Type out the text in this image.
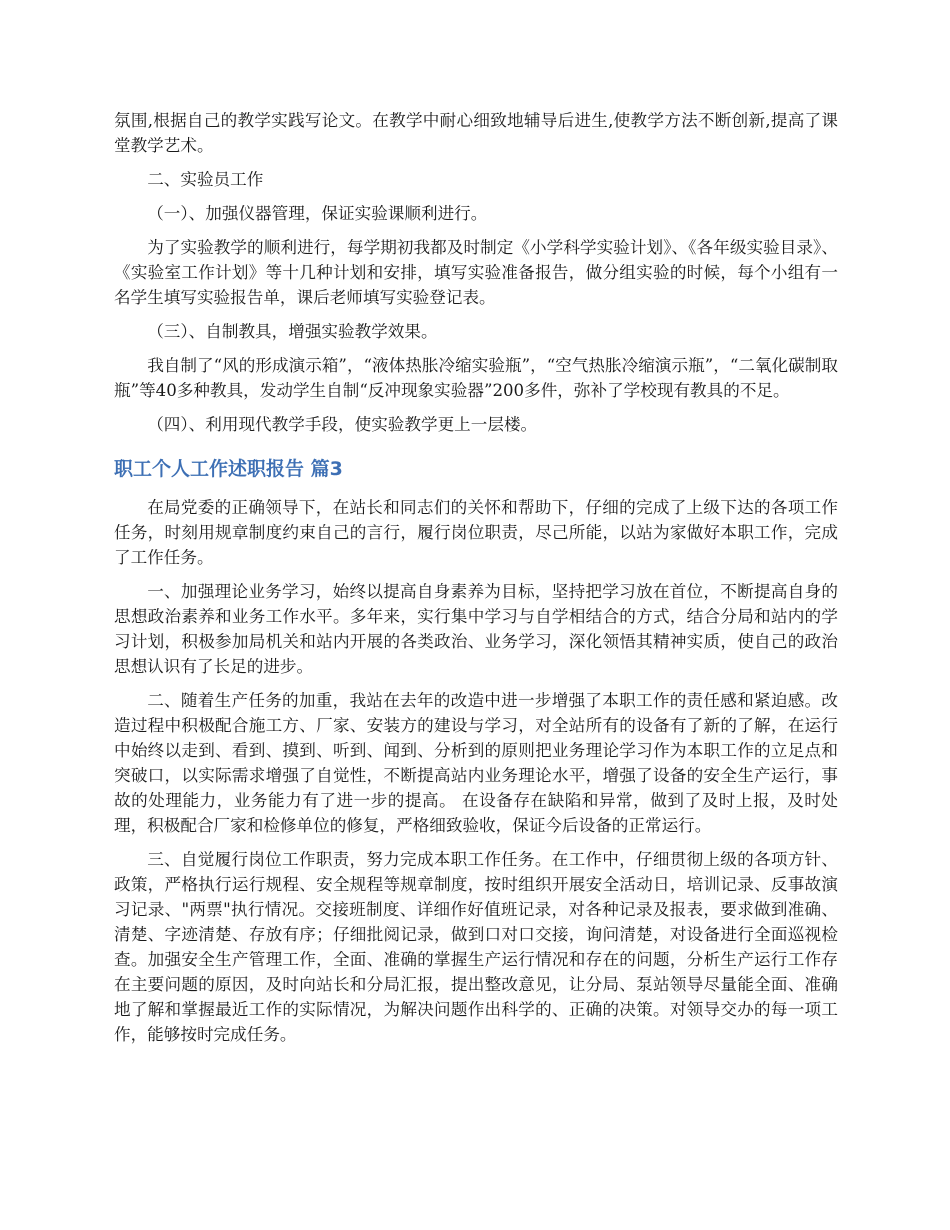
氛围,根据自己的教学实践写论文。在教学中耐心细致地辅导后进生,使教学方法不断创新,提高了课堂教学艺术。

二、实验员工作

（一）、加强仪器管理，保证实验课顺利进行。

为了实验教学的顺利进行，每学期初我都及时制定《小学科学实验计划》、《各年级实验目录》、《实验室工作计划》等十几种计划和安排，填写实验准备报告，做分组实验的时候，每个小组有一名学生填写实验报告单，课后老师填写实验登记表。

（三）、自制教具，增强实验教学效果。

我自制了“风的形成演示箱”，“液体热胀冷缩实验瓶”，“空气热胀冷缩演示瓶”，“二氧化碳制取瓶”等40多种教具，发动学生自制“反冲现象实验器”200多件，弥补了学校现有教具的不足。

（四）、利用现代教学手段，使实验教学更上一层楼。

职工个人工作述职报告 篇3

在局党委的正确领导下，在站长和同志们的关怀和帮助下，仔细的完成了上级下达的各项工作任务，时刻用规章制度约束自己的言行，履行岗位职责，尽己所能，以站为家做好本职工作，完成了工作任务。

一、加强理论业务学习，始终以提高自身素养为目标，坚持把学习放在首位，不断提高自身的思想政治素养和业务工作水平。多年来，实行集中学习与自学相结合的方式，结合分局和站内的学习计划，积极参加局机关和站内开展的各类政治、业务学习，深化领悟其精神实质，使自己的政治思想认识有了长足的进步。

二、随着生产任务的加重，我站在去年的改造中进一步增强了本职工作的责任感和紧迫感。改造过程中积极配合施工方、厂家、安装方的建设与学习，对全站所有的设备有了新的了解，在运行中始终以走到、看到、摸到、听到、闻到、分析到的原则把业务理论学习作为本职工作的立足点和突破口，以实际需求增强了自觉性，不断提高站内业务理论水平，增强了设备的安全生产运行，事故的处理能力，业务能力有了进一步的提高。 在设备存在缺陷和异常，做到了及时上报，及时处理，积极配合厂家和检修单位的修复，严格细致验收，保证今后设备的正常运行。

三、自觉履行岗位工作职责，努力完成本职工作任务。在工作中，仔细贯彻上级的各项方针、政策，严格执行运行规程、安全规程等规章制度，按时组织开展安全活动日，培训记录、反事故演习记录、"两票"执行情况。交接班制度、详细作好值班记录，对各种记录及报表，要求做到准确、清楚、字迹清楚、存放有序；仔细批阅记录，做到口对口交接，询问清楚，对设备进行全面巡视检查。加强安全生产管理工作，全面、准确的掌握生产运行情况和存在的问题，分析生产运行工作存在主要问题的原因，及时向站长和分局汇报，提出整改意见，让分局、泵站领导尽量能全面、准确地了解和掌握最近工作的实际情况，为解决问题作出科学的、正确的决策。对领导交办的每一项工作，能够按时完成任务。
